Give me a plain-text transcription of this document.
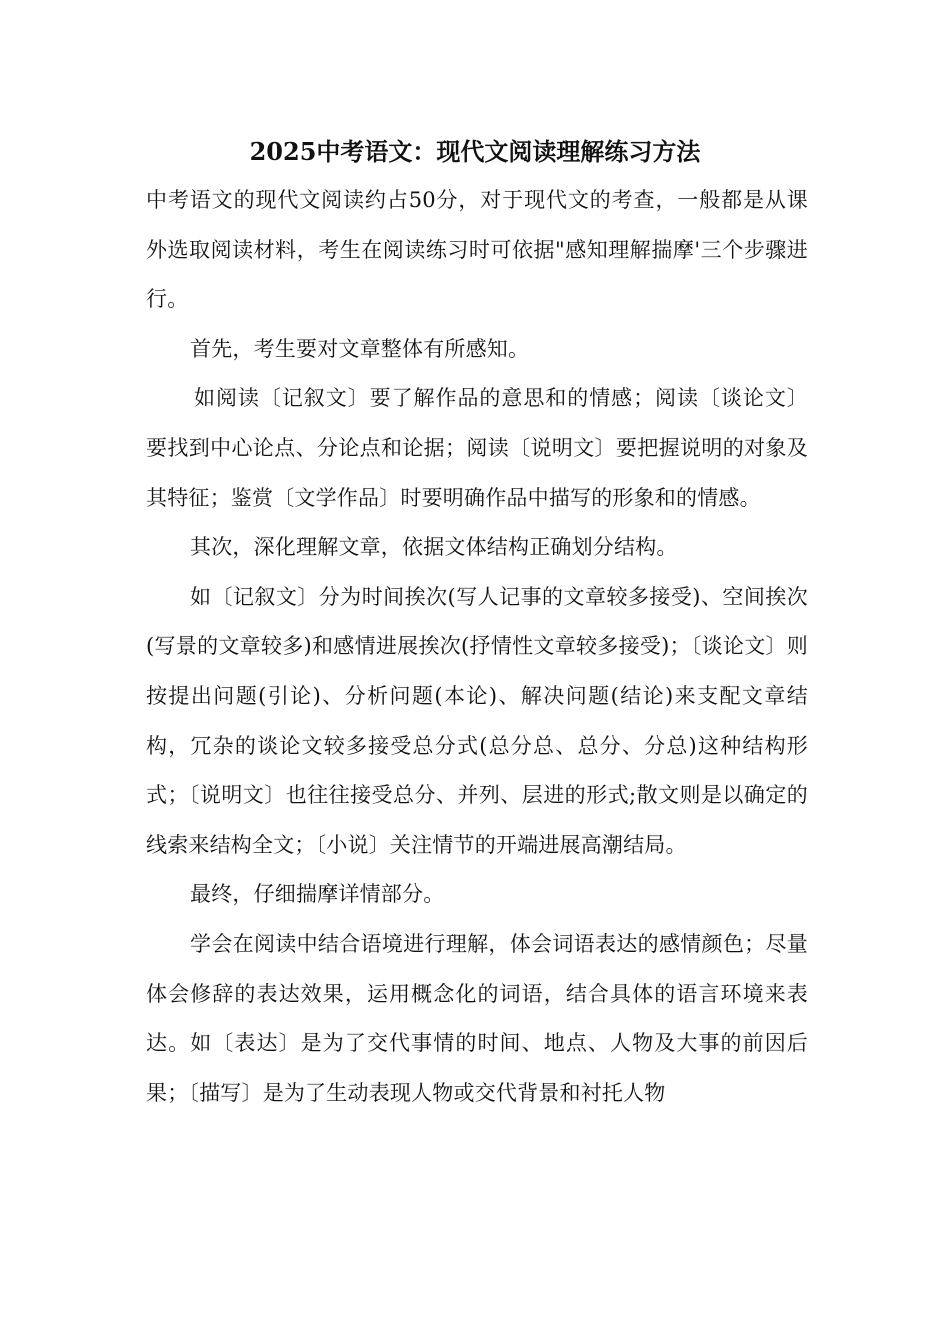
2025中考语文：现代文阅读理解练习方法

中考语文的现代文阅读约占50分，对于现代文的考查，一般都是从课外选取阅读材料，考生在阅读练习时可依据"感知理解揣摩'三个步骤进行。

首先，考生要对文章整体有所感知。

如阅读〔记叙文〕要了解作品的意思和的情感；阅读〔谈论文〕要找到中心论点、分论点和论据；阅读〔说明文〕要把握说明的对象及其特征；鉴赏〔文学作品〕时要明确作品中描写的形象和的情感。

其次，深化理解文章，依据文体结构正确划分结构。

如〔记叙文〕分为时间挨次(写人记事的文章较多接受)、空间挨次(写景的文章较多)和感情进展挨次(抒情性文章较多接受)；〔谈论文〕则按提出问题(引论)、分析问题(本论)、解决问题(结论)来支配文章结构，冗杂的谈论文较多接受总分式(总分总、总分、分总)这种结构形式；〔说明文〕也往往接受总分、并列、层进的形式;散文则是以确定的线索来结构全文；〔小说〕关注情节的开端进展高潮结局。

最终，仔细揣摩详情部分。

学会在阅读中结合语境进行理解，体会词语表达的感情颜色；尽量体会修辞的表达效果，运用概念化的词语，结合具体的语言环境来表达。如〔表达〕是为了交代事情的时间、地点、人物及大事的前因后果；〔描写〕是为了生动表现人物或交代背景和衬托人物
